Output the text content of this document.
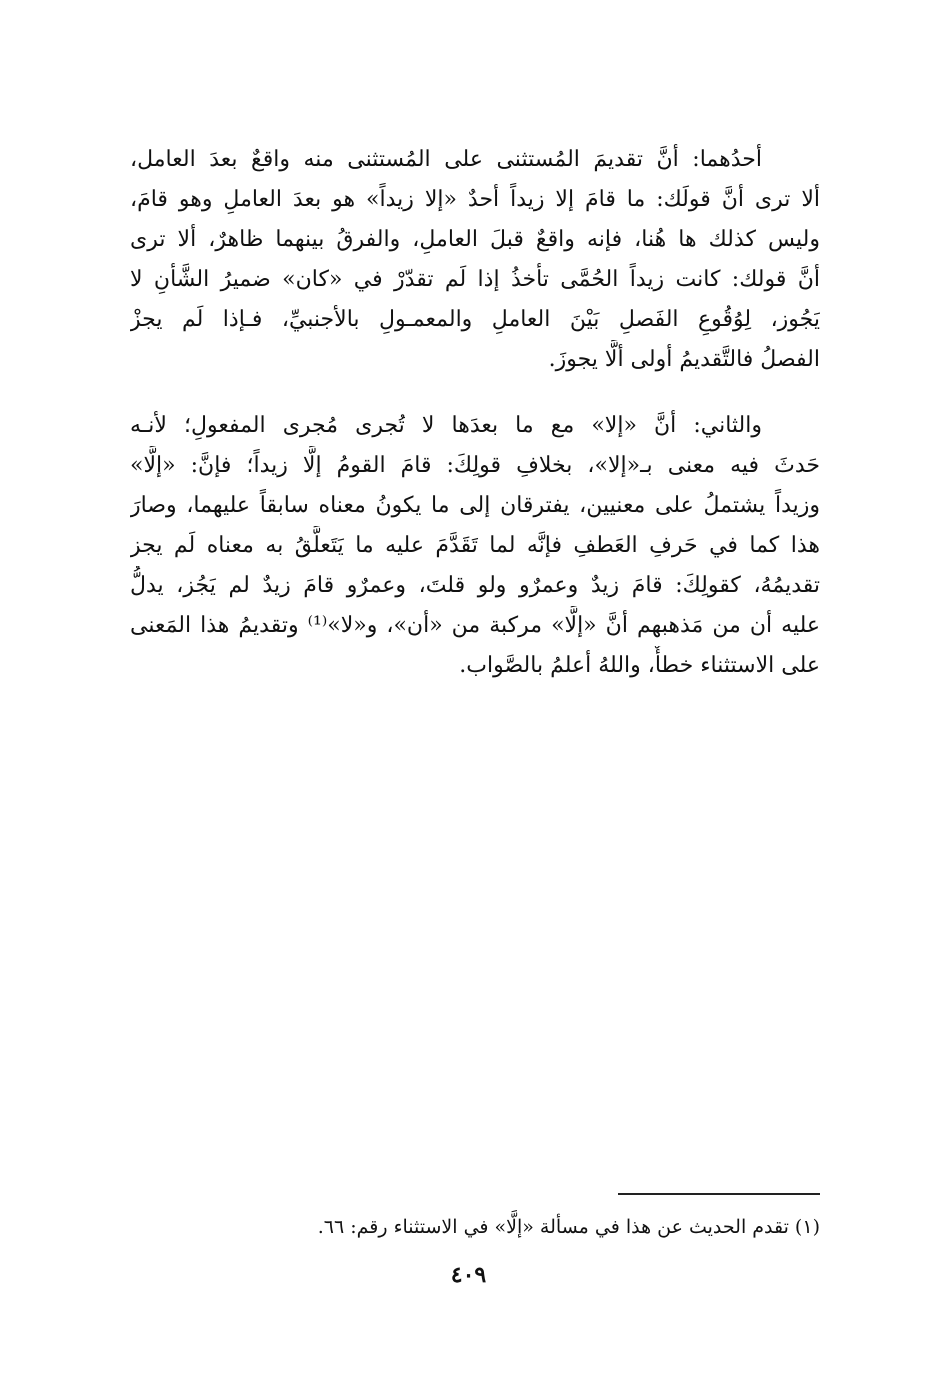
أحدُهما: أنَّ تقديمَ المُستثنى على المُستثنى منه واقعٌ بعدَ العامل،
ألا ترى أنَّ قولَك: ما قامَ إلا زيداً أحدٌ «إلا زيداً» هو بعدَ العاملِ وهو قامَ،
وليس كذلك ها هُنا، فإنه واقعٌ قبلَ العاملِ، والفرقُ بينهما ظاهرٌ، ألا ترى
أنَّ قولك: كانت زيداً الحُمَّى تأخذُ إذا لَم تقدّرْ في «كان» ضميرُ الشَّأنِ لا
يَجُوز، لِوُقُوعِ الفَصلِ بَيْنَ العاملِ والمعمـولِ بالأجنبيِّ، فـإذا لَم يجزْ
الفصلُ فالتَّقديمُ أولى ألَّا يجوزَ.
والثاني: أنَّ «إلا» مع ما بعدَها لا تُجرى مُجرى المفعولِ؛ لأنـه
حَدثَ فيه معنى بـ«إلا»، بخلافِ قولِكَ: قامَ القومُ إلَّا زيداً؛ فإنَّ: «إلَّا»
وزيداً يشتملُ على معنيين، يفترقان إلى ما يكونُ معناه سابقاً عليهما، وصارَ
هذا كما في حَرفِ العَطفِ فإنَّه لما تَقَدَّمَ عليه ما يَتَعلَّقُ به معناه لَم يجز
تقديمُهُ، كقولِكَ: قامَ زيدٌ وعمرٌو ولو قلتَ، وعمرٌو قامَ زيدٌ لم يَجُز، يدلُّ
عليه أن من مَذهبهم أنَّ «إلَّا» مركبة من «أن»، و«لا»⁽¹⁾ وتقديمُ هذا المَعنى
على الاستثناء خطأٌ، واللهُ أعلمُ بالصَّواب.
(١) تقدم الحديث عن هذا في مسألة «إلَّا» في الاستثناء رقم: ٦٦.
٤٠٩
